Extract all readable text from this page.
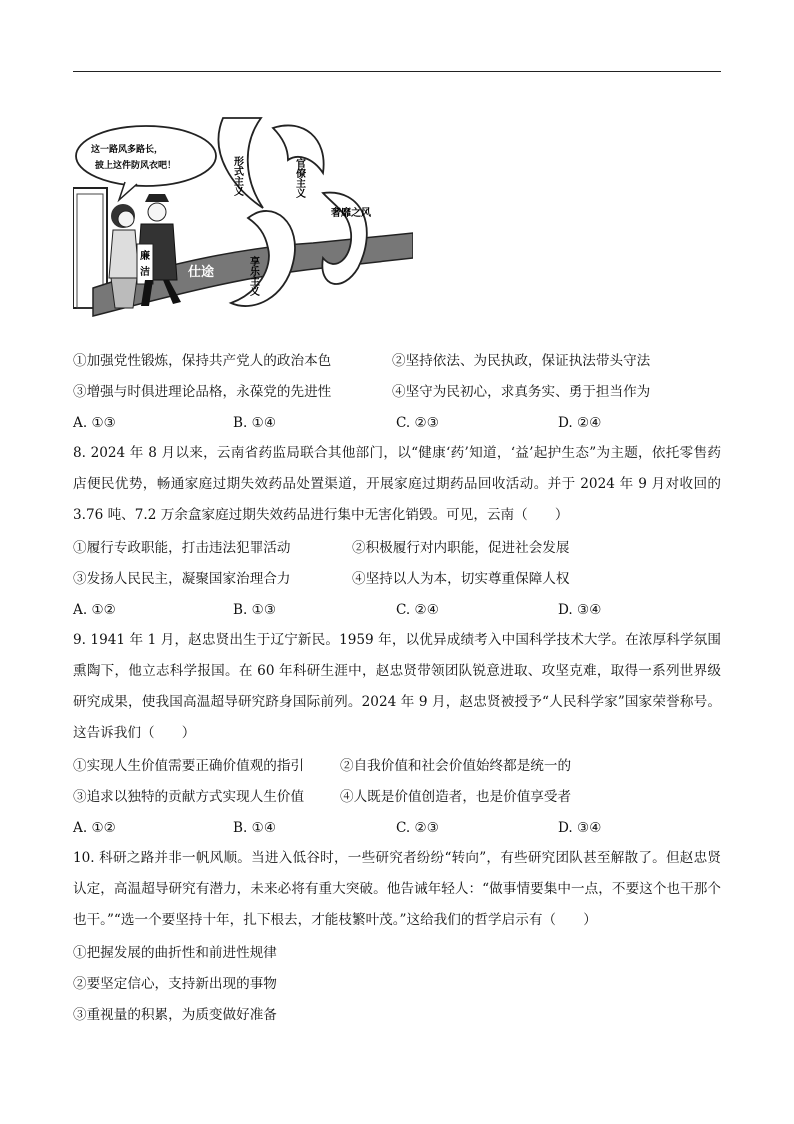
仕途
这一路风多路长，
披上这件防风衣吧！
廉
洁
形式主义	官僚主义
奢靡之风
享乐主义
①加强党性锻炼，保持共产党人的政治本色	②坚持依法、为民执政，保证执法带头守法
③增强与时俱进理论品格，永葆党的先进性	④坚守为民初心，求真务实、勇于担当作为
A. ①③	B. ①④	C. ②③	D. ②④
8. 2024 年 8 月以来，云南省药监局联合其他部门，以“健康‘药’知道，‘益’起护生态”为主题，依托零售药店便民优势，畅通家庭过期失效药品处置渠道，开展家庭过期药品回收活动。并于 2024 年 9 月对收回的 3.76 吨、7.2 万余盒家庭过期失效药品进行集中无害化销毁。可见，云南（　　）
①履行专政职能，打击违法犯罪活动	②积极履行对内职能，促进社会发展
③发扬人民民主，凝聚国家治理合力	④坚持以人为本，切实尊重保障人权
A. ①②	B. ①③	C. ②④	D. ③④
9. 1941 年 1 月，赵忠贤出生于辽宁新民。1959 年，以优异成绩考入中国科学技术大学。在浓厚科学氛围熏陶下，他立志科学报国。在 60 年科研生涯中，赵忠贤带领团队锐意进取、攻坚克难，取得一系列世界级研究成果，使我国高温超导研究跻身国际前列。2024 年 9 月，赵忠贤被授予“人民科学家”国家荣誉称号。这告诉我们（　　）
①实现人生价值需要正确价值观的指引	②自我价值和社会价值始终都是统一的
③追求以独特的贡献方式实现人生价值	④人既是价值创造者，也是价值享受者
A. ①②	B. ①④	C. ②③	D. ③④
10. 科研之路并非一帆风顺。当进入低谷时，一些研究者纷纷“转向”，有些研究团队甚至解散了。但赵忠贤认定，高温超导研究有潜力，未来必将有重大突破。他告诫年轻人：“做事情要集中一点，不要这个也干那个也干。”“选一个要坚持十年，扎下根去，才能枝繁叶茂。”这给我们的哲学启示有（　　）
①把握发展的曲折性和前进性规律
②要坚定信心，支持新出现的事物
③重视量的积累，为质变做好准备
